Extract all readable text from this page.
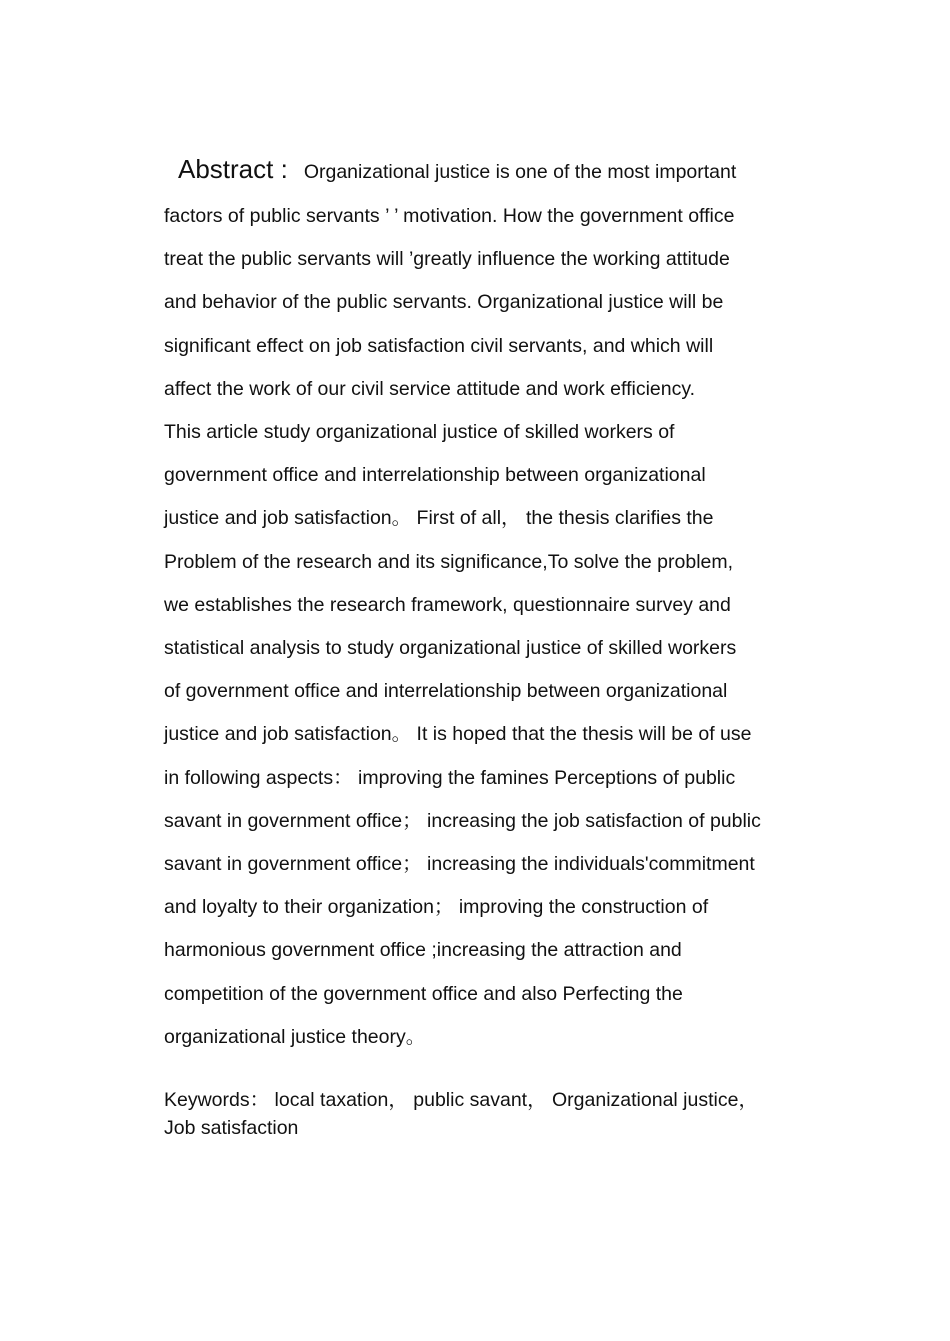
Abstract : Organizational justice is one of the most important
factors of public servants ’ ’ motivation. How the government office
treat the public servants will ’greatly influence the working attitude
and behavior of the public servants. Organizational justice will be
significant effect on job satisfaction civil servants, and which will
affect the work of our civil service attitude and work efficiency.
This article study organizational justice of skilled workers of
government office and interrelationship between organizational
justice and job satisfaction。 First of all， the thesis clarifies the
Problem of the research and its significance,To solve the problem,
we establishes the research framework, questionnaire survey and
statistical analysis to study organizational justice of skilled workers
of government office and interrelationship between organizational
justice and job satisfaction。 It is hoped that the thesis will be of use
in following aspects： improving the famines Perceptions of public
savant in government office； increasing the job satisfaction of public
savant in government office； increasing the individuals'commitment
and loyalty to their organization； improving the construction of
harmonious government office ;increasing the attraction and
competition of the government office and also Perfecting the
organizational justice theory。
Keywords： local taxation， public savant， Organizational justice，
Job satisfaction
